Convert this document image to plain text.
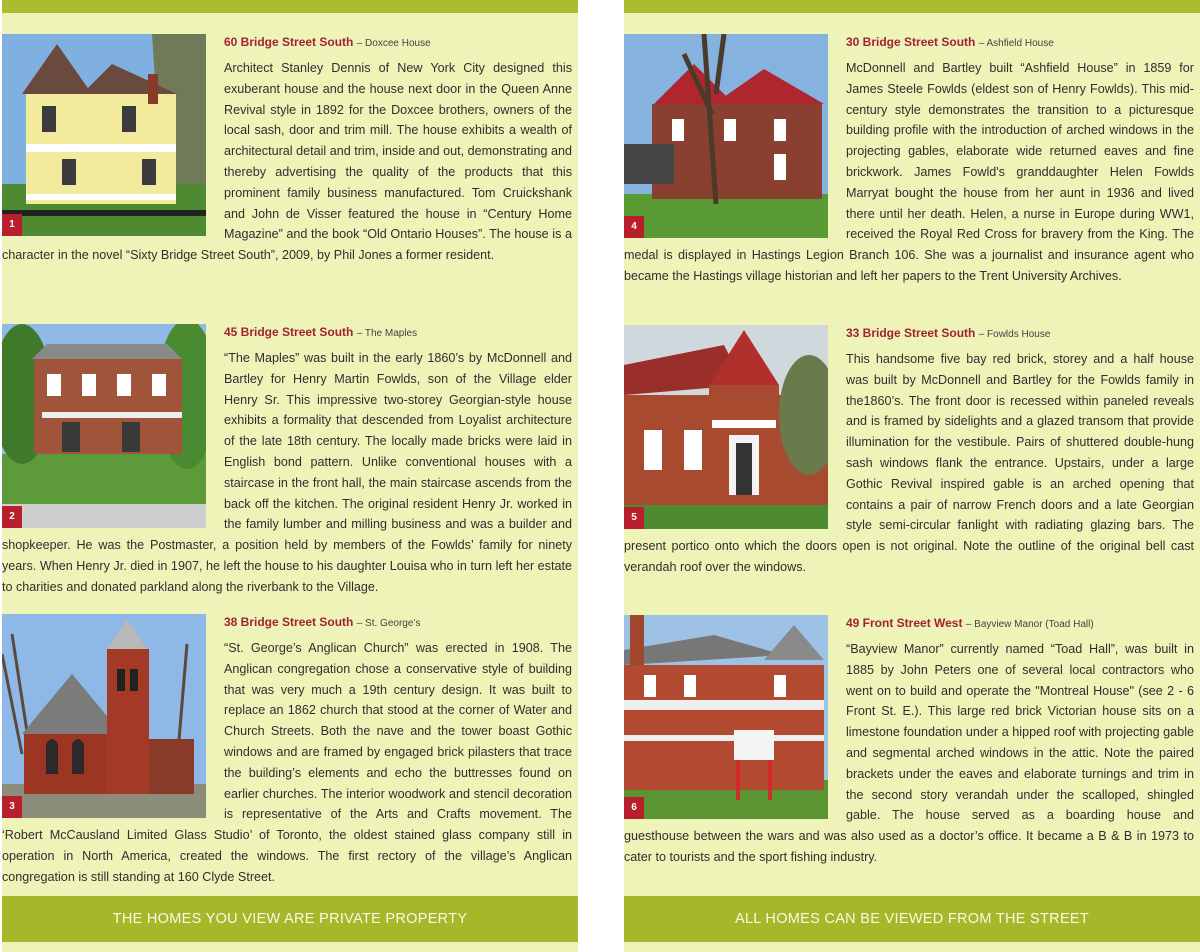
1
60 Bridge Street South – Doxcee House
Architect Stanley Dennis of New York City designed this exuberant house and the house next door in the Queen Anne Revival style in 1892 for the Doxcee brothers, owners of the local sash, door and trim mill. The house exhibits a wealth of architectural detail and trim, inside and out, demonstrating and thereby advertising the quality of the products that this prominent family business manufactured. Tom Cruickshank and John de Visser featured the house in “Century Home Magazine” and the book “Old Ontario Houses”. The house is a character in the novel “Sixty Bridge Street South”, 2009, by Phil Jones a former resident.
2
45 Bridge Street South – The Maples
“The Maples” was built in the early 1860’s by McDonnell and Bartley for Henry Martin Fowlds, son of the Village elder Henry Sr. This impressive two-storey Georgian-style house exhibits a formality that descended from Loyalist architecture of the late 18th century. The locally made bricks were laid in English bond pattern. Unlike conventional houses with a staircase in the front hall, the main staircase ascends from the back off the kitchen. The original resident Henry Jr. worked in the family lumber and milling business and was a builder and shopkeeper. He was the Postmaster, a position held by members of the Fowlds’ family for ninety years. When Henry Jr. died in 1907, he left the house to his daughter Louisa who in turn left her estate to charities and donated parkland along the riverbank to the Village.
3
38 Bridge Street South – St. George’s
“St. George’s Anglican Church” was erected in 1908. The Anglican congregation chose a conservative style of building that was very much a 19th century design. It was built to replace an 1862 church that stood at the corner of Water and Church Streets. Both the nave and the tower boast Gothic windows and are framed by engaged brick pilasters that trace the building’s elements and echo the buttresses found on earlier churches. The interior woodwork and stencil decoration is representative of the Arts and Crafts movement. The ‘Robert McCausland Limited Glass Studio’ of Toronto, the oldest stained glass company still in operation in North America, created the windows. The first rectory of the village’s Anglican congregation is still standing at 160 Clyde Street.
THE HOMES YOU VIEW ARE PRIVATE PROPERTY
4
30 Bridge Street South – Ashfield House
McDonnell and Bartley built “Ashfield House” in 1859 for James Steele Fowlds (eldest son of Henry Fowlds). This mid-century style demonstrates the transition to a picturesque building profile with the introduction of arched windows in the projecting gables, elaborate wide returned eaves and fine brickwork. James Fowld's granddaughter Helen Fowlds Marryat bought the house from her aunt in 1936 and lived there until her death. Helen, a nurse in Europe during WW1, received the Royal Red Cross for bravery from the King. The medal is displayed in Hastings Legion Branch 106. She was a journalist and insurance agent who became the Hastings village historian and left her papers to the Trent University Archives.
5
33 Bridge Street South – Fowlds House
This handsome five bay red brick, storey and a half house was built by McDonnell and Bartley for the Fowlds family in the1860’s. The front door is recessed within paneled reveals and is framed by sidelights and a glazed transom that provide illumination for the vestibule. Pairs of shuttered double-hung sash windows flank the entrance. Upstairs, under a large Gothic Revival inspired gable is an arched opening that contains a pair of narrow French doors and a late Georgian style semi-circular fanlight with radiating glazing bars. The present portico onto which the doors open is not original. Note the outline of the original bell cast verandah roof over the windows.
6
49 Front Street West – Bayview Manor (Toad Hall)
“Bayview Manor” currently named “Toad Hall”, was built in 1885 by John Peters one of several local contractors who went on to build and operate the "Montreal House" (see 2 - 6 Front St. E.). This large red brick Victorian house sits on a limestone foundation under a hipped roof with projecting gable and segmental arched windows in the attic. Note the paired brackets under the eaves and elaborate turnings and trim in the second story verandah under the scalloped, shingled gable. The house served as a boarding house and guesthouse between the wars and was also used as a doctor’s office. It became a B & B in 1973 to cater to tourists and the sport fishing industry.
ALL HOMES CAN BE VIEWED FROM THE STREET
